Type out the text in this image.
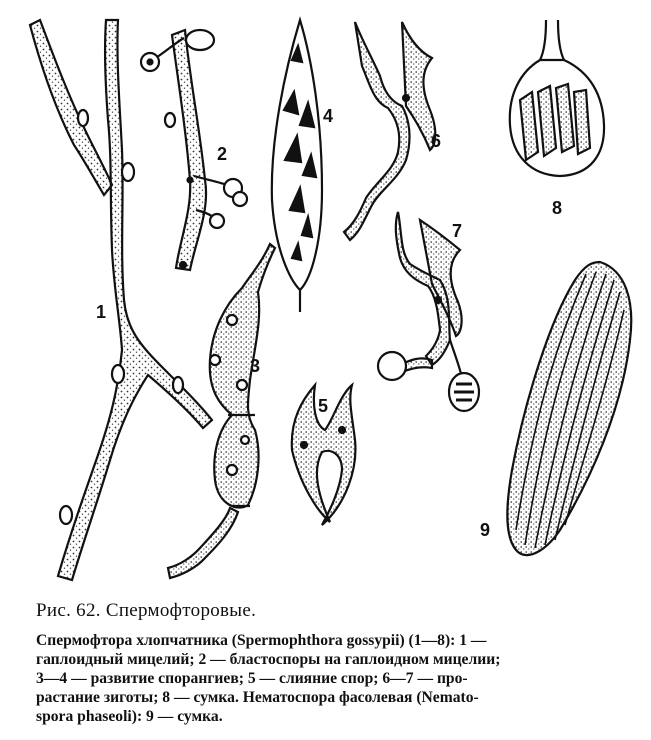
1
2
3
4
5
6
7
8
9
Рис. 62. Спермофторовые.
Спермофтора хлопчатника (Spermophthora gossypii) (1—8): 1 —
гаплоидный мицелий; 2 — бластоспоры на гаплоидном мицелии;
3—4 — развитие спорангиев; 5 — слияние спор; 6—7 — про-
растание зиготы; 8 — сумка. Нематоспора фасолевая (Nemato-
spora phaseoli): 9 — сумка.
